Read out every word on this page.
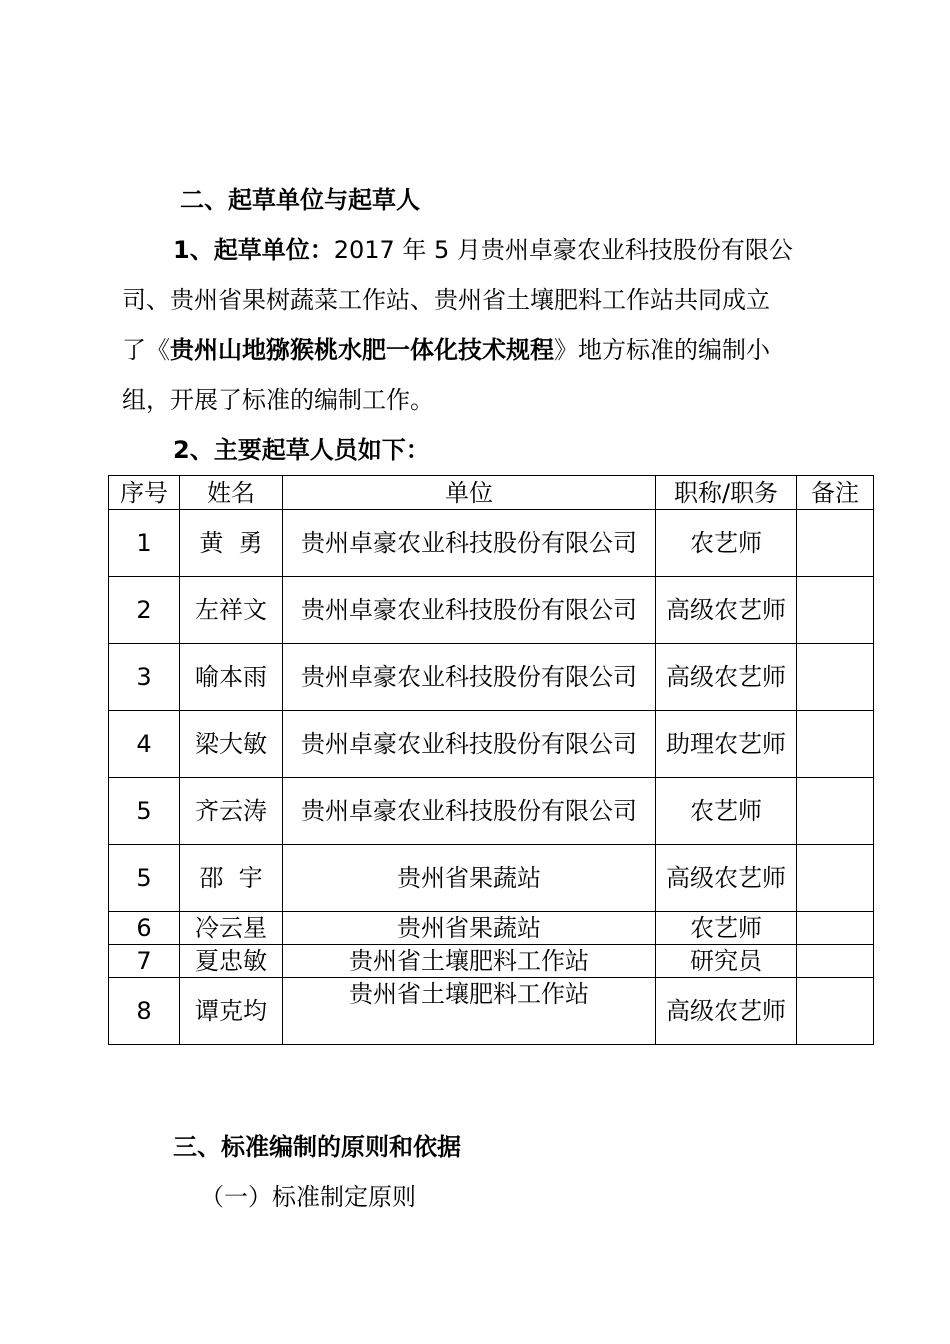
二、起草单位与起草人
1、起草单位：2017 年 5 月贵州卓豪农业科技股份有限公
司、贵州省果树蔬菜工作站、贵州省土壤肥料工作站共同成立
了《贵州山地猕猴桃水肥一体化技术规程》地方标准的编制小
组，开展了标准的编制工作。
2、主要起草人员如下：
序号	姓名	单位	职称/职务	备注
1	黄  勇	贵州卓豪农业科技股份有限公司	农艺师	
2	左祥文	贵州卓豪农业科技股份有限公司	高级农艺师	
3	喻本雨	贵州卓豪农业科技股份有限公司	高级农艺师	
4	梁大敏	贵州卓豪农业科技股份有限公司	助理农艺师	
5	齐云涛	贵州卓豪农业科技股份有限公司	农艺师	
5	邵  宇	贵州省果蔬站	高级农艺师	
6	冷云星	贵州省果蔬站	农艺师	
7	夏忠敏	贵州省土壤肥料工作站	研究员	
8	谭克均	贵州省土壤肥料工作站	高级农艺师	
三、标准编制的原则和依据
（一）标准制定原则
